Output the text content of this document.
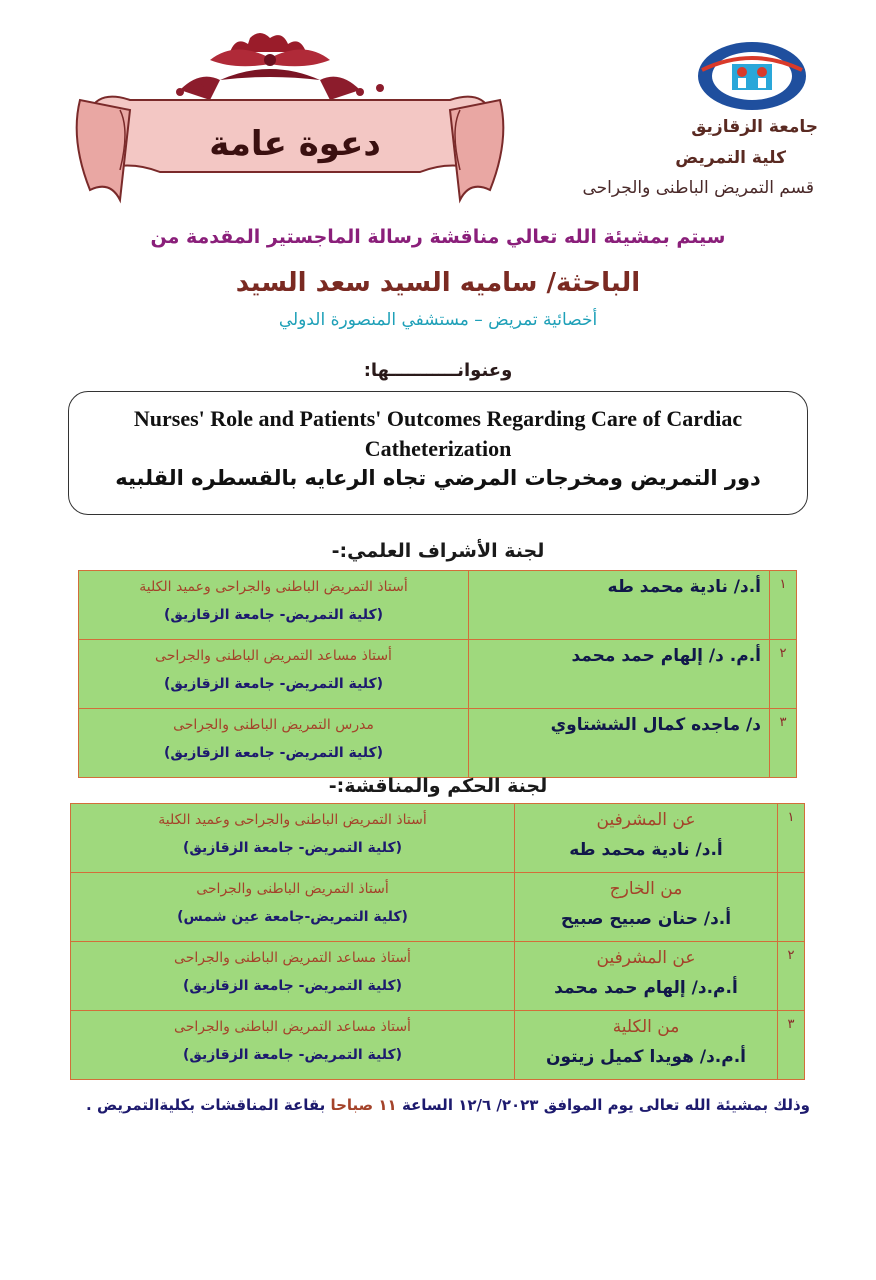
دعوة عامة	جامعة الزقازيق
كلية التمريض
قسم التمريض الباطنى والجراحى
سيتم بمشيئة الله تعالي مناقشة رسالة الماجستير المقدمة من
الباحثة/ ساميه السيد سعد السيد
أخصائية تمريض – مستشفي المنصورة الدولي
وعنوانـــــــــــها:
Nurses' Role and Patients' Outcomes Regarding Care of Cardiac Catheterization
دور التمريض ومخرجات المرضي تجاه الرعايه بالقسطره القلبيه
لجنة الأشراف العلمي:-
١	أ.د/ نادية محمد طه	أستاذ التمريض الباطنى والجراحى وعميد الكلية
(كلية التمريض- جامعة الزقازيق)

٢	أ.م. د/ إلهام حمد محمد	أستاذ مساعد التمريض الباطنى والجراحى
(كلية التمريض- جامعة الزقازيق)

٣	د/ ماجده كمال الششتاوي	مدرس التمريض الباطنى والجراحى
(كلية التمريض- جامعة الزقازيق)
لجنة الحكم والمناقشة:-
١	عن المشرفين
أ.د/ نادية محمد طه	أستاذ التمريض الباطنى والجراحى وعميد الكلية
(كلية التمريض- جامعة الزقازيق)

	من الخارج
أ.د/ حنان صبيح صبيح	أستاذ التمريض الباطنى والجراحى
(كلية التمريض-جامعة عين شمس)

٢	عن المشرفين
أ.م.د/ إلهام حمد محمد	أستاذ مساعد التمريض الباطنى والجراحى
(كلية التمريض- جامعة الزقازيق)

٣	من الكلية
أ.م.د/ هويدا كميل زيتون	أستاذ مساعد التمريض الباطنى والجراحى
(كلية التمريض- جامعة الزقازيق)
وذلك بمشيئة الله تعالى يوم الموافق ٢٠٢٣/ ١٢/٦ الساعة ١١ صباحا بقاعة المناقشات بكليةالتمريض .
